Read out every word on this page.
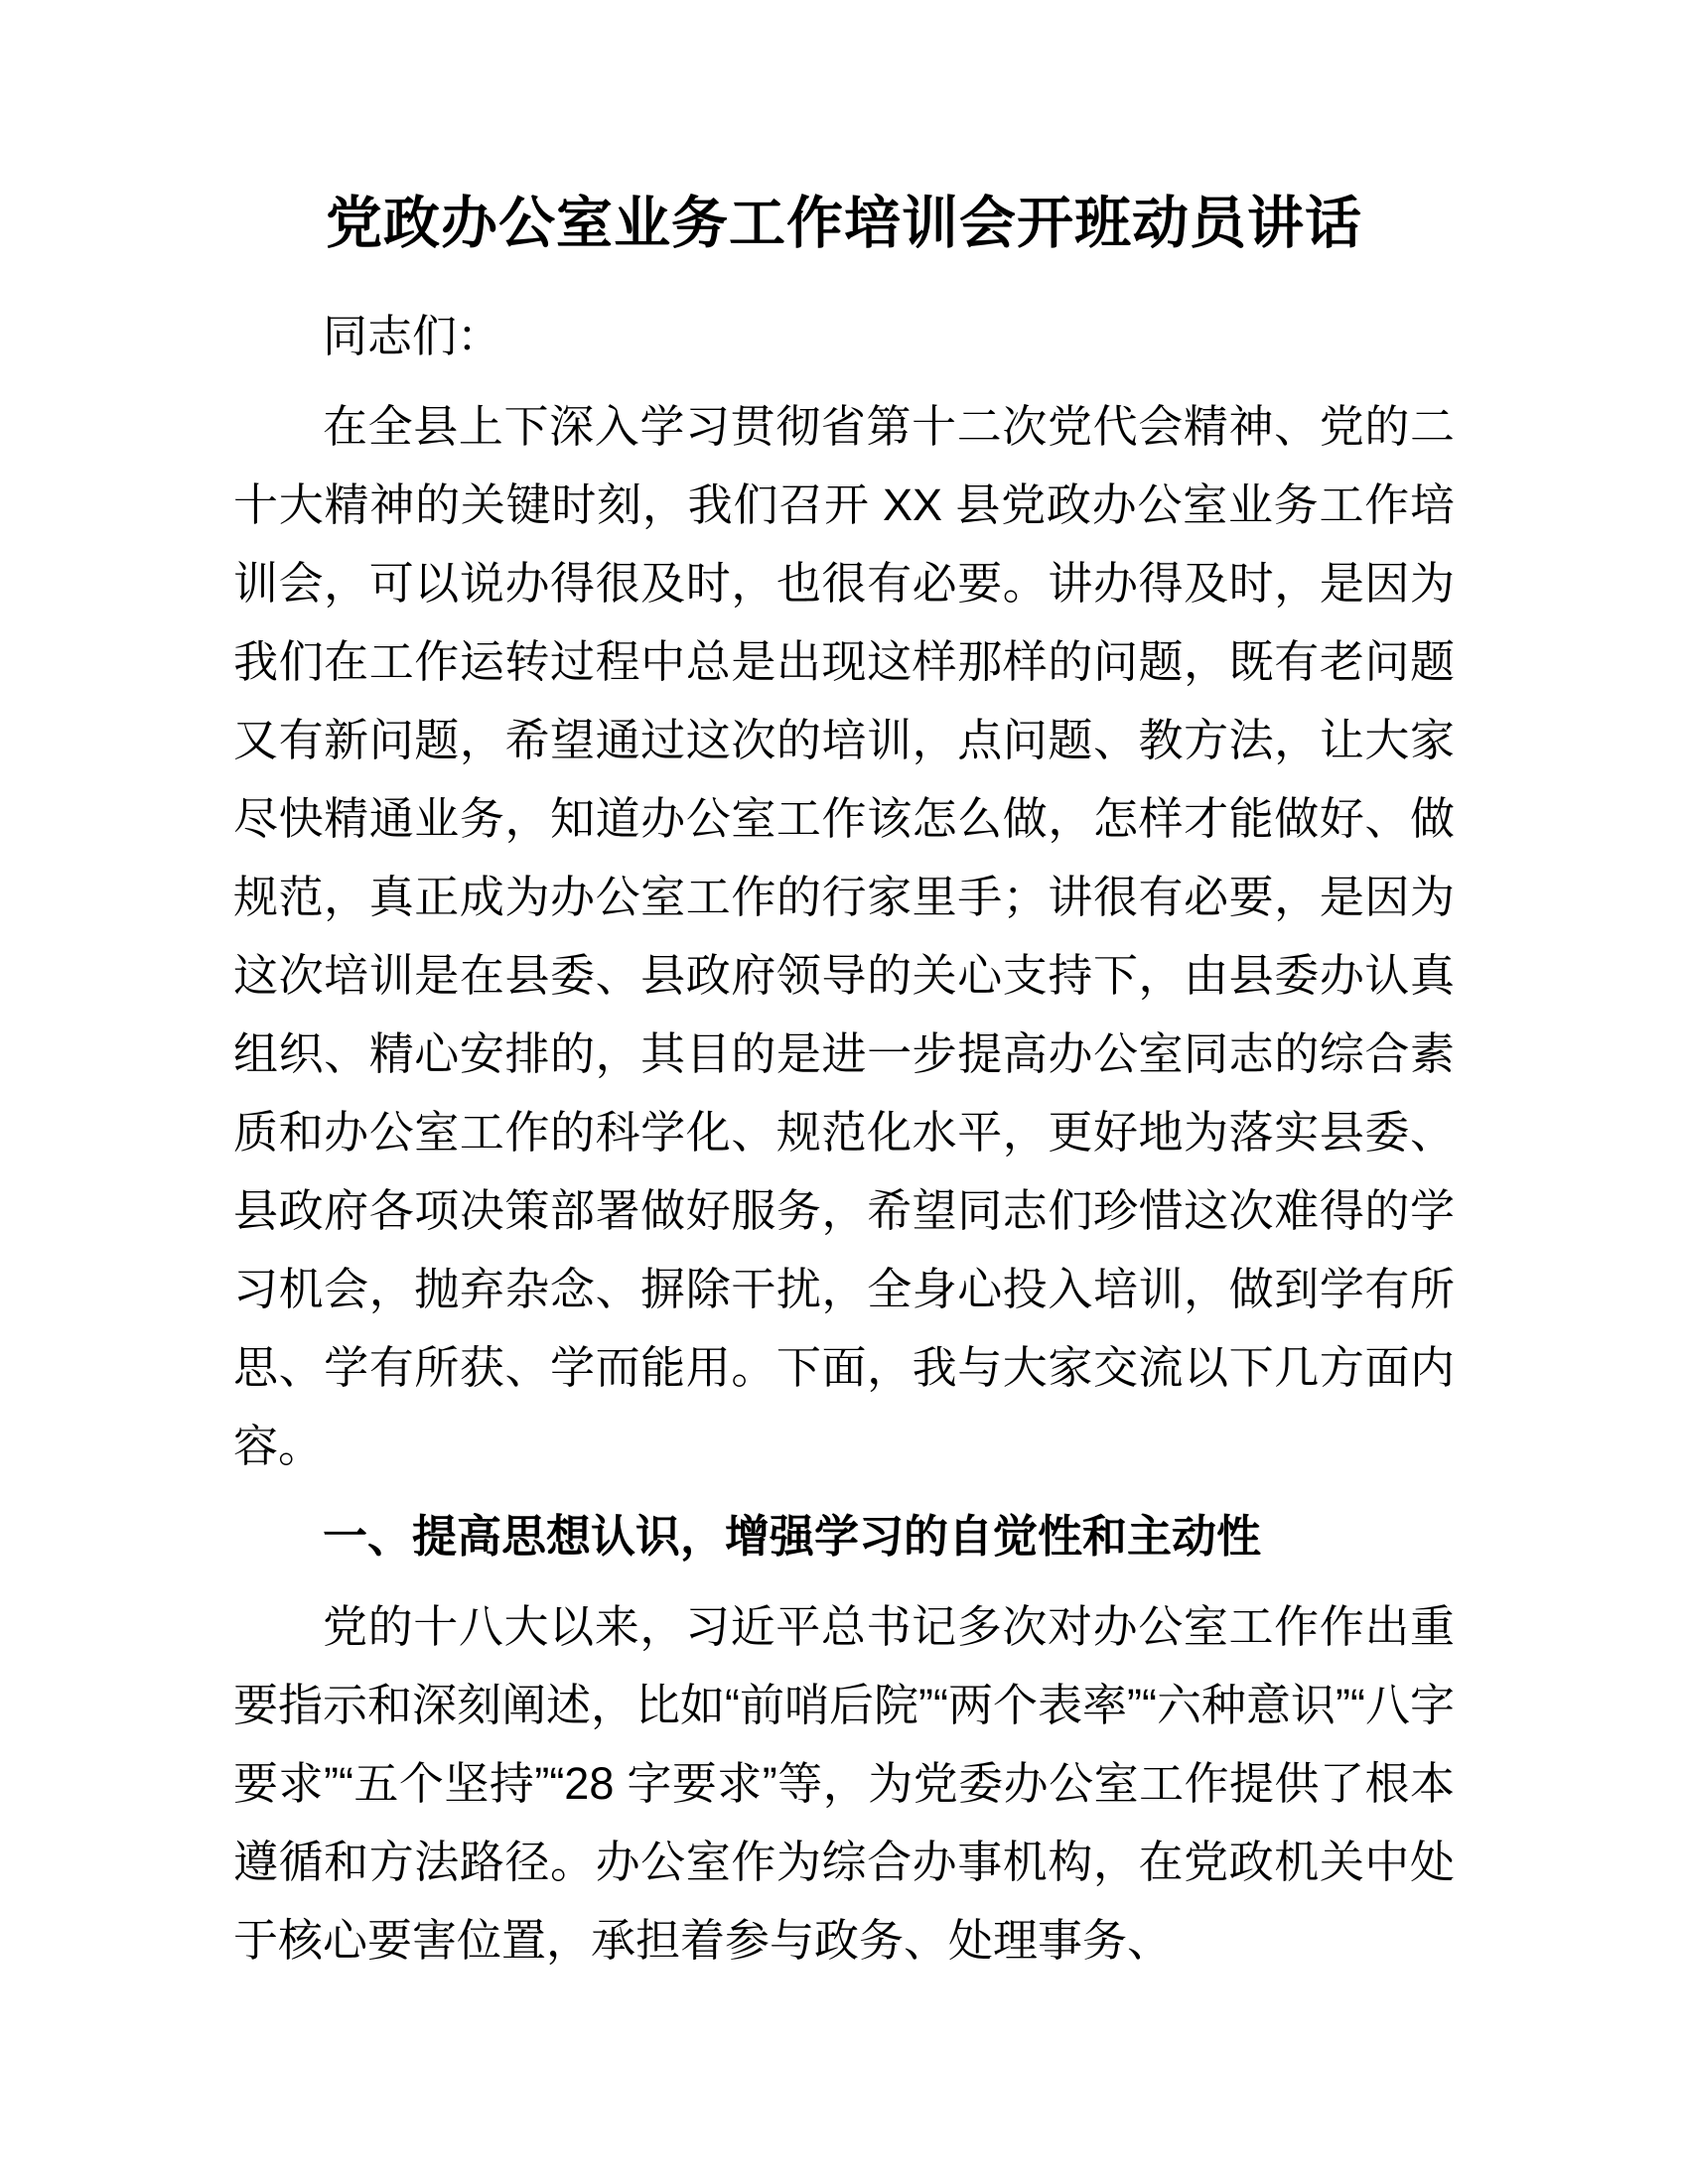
党政办公室业务工作培训会开班动员讲话

同志们：

在全县上下深入学习贯彻省第十二次党代会精神、党的二十大精神的关键时刻，我们召开 XX 县党政办公室业务工作培训会，可以说办得很及时，也很有必要。讲办得及时，是因为我们在工作运转过程中总是出现这样那样的问题，既有老问题又有新问题，希望通过这次的培训，点问题、教方法，让大家尽快精通业务，知道办公室工作该怎么做，怎样才能做好、做规范，真正成为办公室工作的行家里手；讲很有必要，是因为这次培训是在县委、县政府领导的关心支持下，由县委办认真组织、精心安排的，其目的是进一步提高办公室同志的综合素质和办公室工作的科学化、规范化水平，更好地为落实县委、县政府各项决策部署做好服务，希望同志们珍惜这次难得的学习机会，抛弃杂念、摒除干扰，全身心投入培训，做到学有所思、学有所获、学而能用。下面，我与大家交流以下几方面内容。

一、提高思想认识，增强学习的自觉性和主动性

党的十八大以来，习近平总书记多次对办公室工作作出重要指示和深刻阐述，比如“前哨后院”“两个表率”“六种意识”“八字要求”“五个坚持”“28 字要求”等，为党委办公室工作提供了根本遵循和方法路径。办公室作为综合办事机构，在党政机关中处于核心要害位置，承担着参与政务、处理事务、
